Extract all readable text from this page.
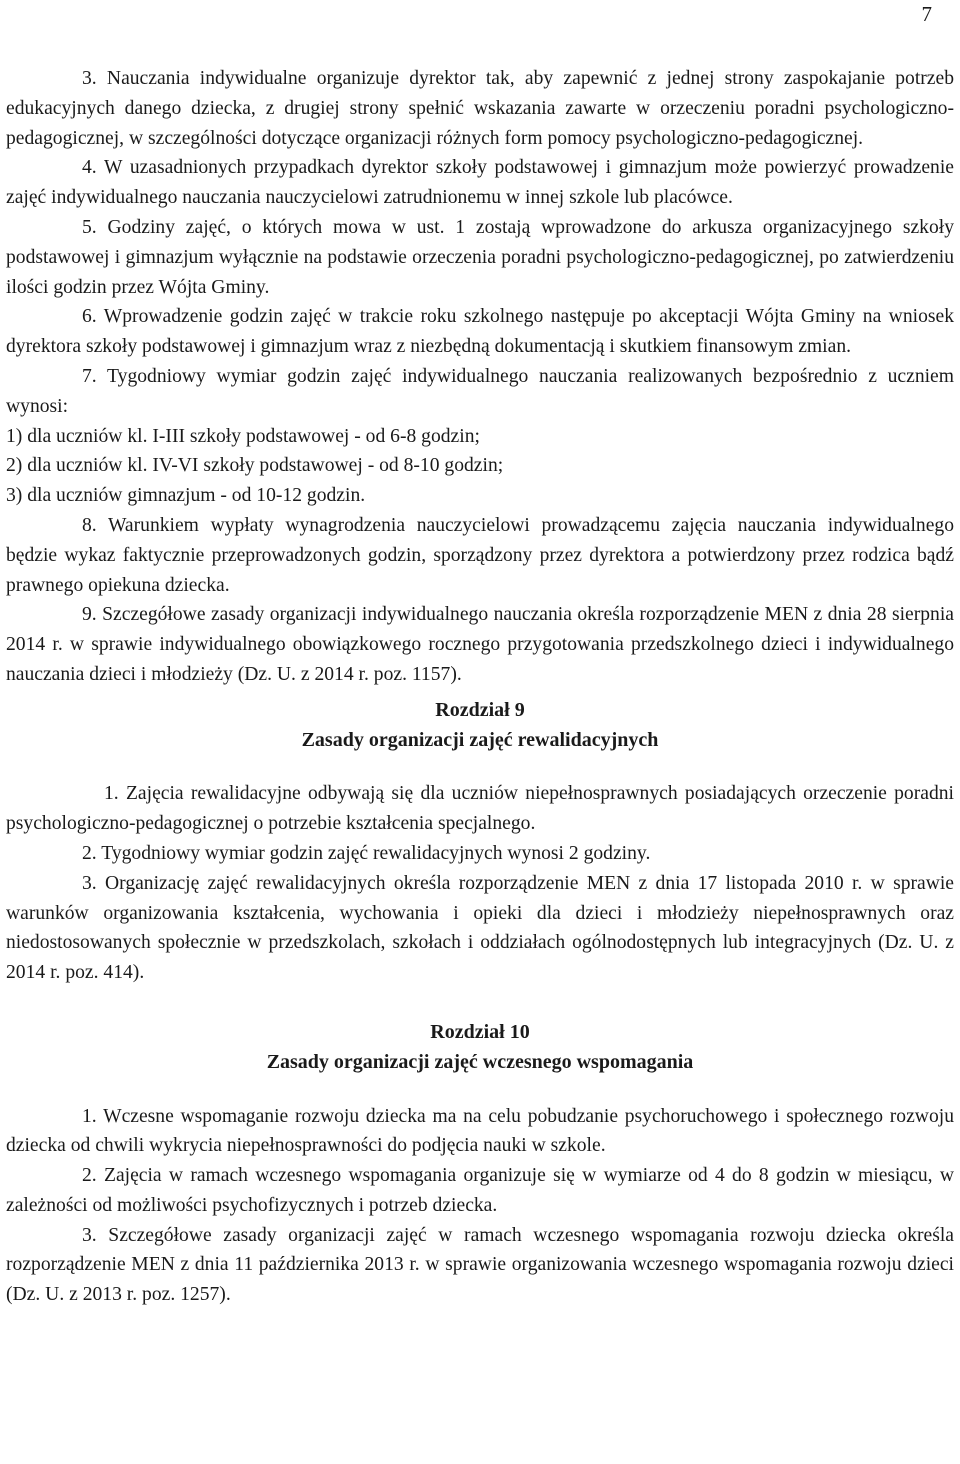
7

3. Nauczania indywidualne organizuje dyrektor tak, aby zapewnić z jednej strony zaspokajanie potrzeb edukacyjnych danego dziecka, z drugiej strony spełnić wskazania zawarte w orzeczeniu poradni psychologiczno-pedagogicznej, w szczególności dotyczące organizacji różnych form pomocy psychologiczno-pedagogicznej.

4. W uzasadnionych przypadkach dyrektor szkoły podstawowej i gimnazjum może powierzyć prowadzenie zajęć indywidualnego nauczania nauczycielowi zatrudnionemu w innej szkole lub placówce.

5. Godziny zajęć, o których mowa w ust. 1 zostają wprowadzone do arkusza organizacyjnego szkoły podstawowej i gimnazjum wyłącznie na podstawie orzeczenia poradni psychologiczno-pedagogicznej, po zatwierdzeniu ilości godzin przez Wójta Gminy.

6. Wprowadzenie godzin zajęć w trakcie roku szkolnego następuje po akceptacji Wójta Gminy na wniosek dyrektora szkoły podstawowej i gimnazjum wraz z niezbędną dokumentacją i skutkiem finansowym zmian.

7. Tygodniowy wymiar godzin zajęć indywidualnego nauczania realizowanych bezpośrednio z uczniem wynosi:

1) dla uczniów kl. I-III szkoły podstawowej - od 6-8 godzin;

2) dla uczniów kl. IV-VI szkoły podstawowej - od 8-10 godzin;

3) dla uczniów gimnazjum - od 10-12 godzin.

8. Warunkiem wypłaty wynagrodzenia nauczycielowi prowadzącemu zajęcia nauczania indywidualnego będzie wykaz faktycznie przeprowadzonych godzin, sporządzony przez dyrektora a potwierdzony przez rodzica bądź prawnego opiekuna dziecka.

9. Szczegółowe zasady organizacji indywidualnego nauczania określa rozporządzenie MEN z dnia 28 sierpnia 2014 r. w sprawie indywidualnego obowiązkowego rocznego przygotowania przedszkolnego dzieci i indywidualnego nauczania dzieci i młodzieży (Dz. U. z 2014 r. poz. 1157).

Rozdział 9

Zasady organizacji zajęć rewalidacyjnych

1. Zajęcia rewalidacyjne odbywają się dla uczniów niepełnosprawnych posiadających orzeczenie poradni psychologiczno-pedagogicznej o potrzebie kształcenia specjalnego.

2. Tygodniowy wymiar godzin zajęć rewalidacyjnych wynosi 2 godziny.

3. Organizację zajęć rewalidacyjnych określa rozporządzenie MEN z dnia 17 listopada 2010 r. w sprawie warunków organizowania kształcenia, wychowania i opieki dla dzieci i młodzieży niepełnosprawnych oraz niedostosowanych społecznie w przedszkolach, szkołach i oddziałach ogólnodostępnych lub integracyjnych (Dz. U. z 2014 r. poz. 414).

Rozdział 10

Zasady organizacji zajęć wczesnego wspomagania

1. Wczesne wspomaganie rozwoju dziecka ma na celu pobudzanie psychoruchowego i społecznego rozwoju dziecka od chwili wykrycia niepełnosprawności do podjęcia nauki w szkole.

2. Zajęcia w ramach wczesnego wspomagania organizuje się w wymiarze od 4 do 8 godzin w miesiącu, w zależności od możliwości psychofizycznych i potrzeb dziecka.

3. Szczegółowe zasady organizacji zajęć w ramach wczesnego wspomagania rozwoju dziecka określa rozporządzenie MEN z dnia 11 października 2013 r. w sprawie organizowania wczesnego wspomagania rozwoju dzieci (Dz. U. z 2013 r. poz. 1257).
